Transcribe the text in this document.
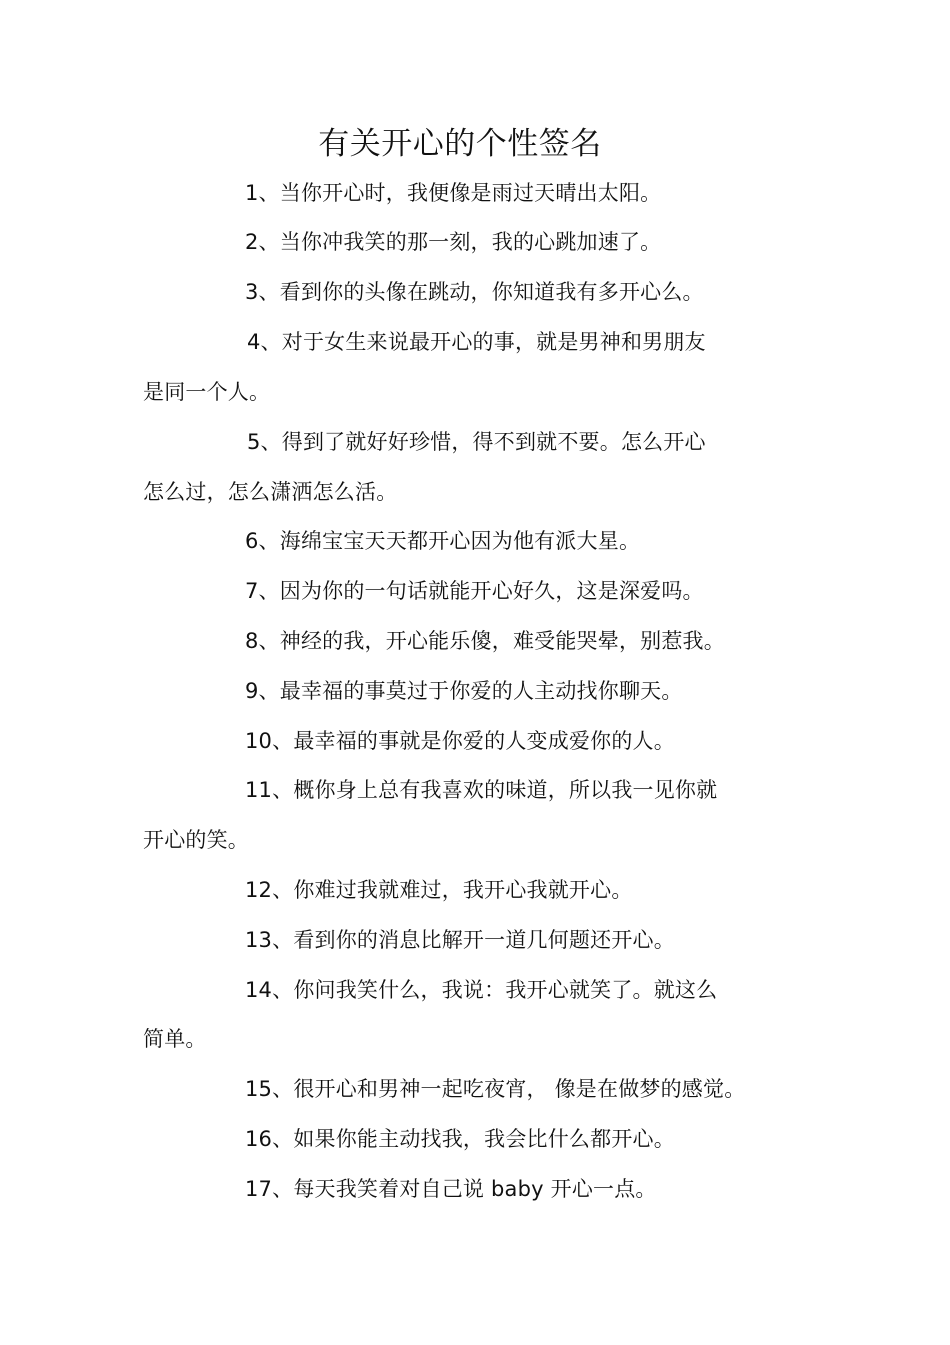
有关开心的个性签名
1、当你开心时，我便像是雨过天晴出太阳。
2、当你冲我笑的那一刻，我的心跳加速了。
3、看到你的头像在跳动，你知道我有多开心么。
4、对于女生来说最开心的事，就是男神和男朋友
是同一个人。
5、得到了就好好珍惜，得不到就不要。怎么开心
怎么过，怎么潇洒怎么活。
6、海绵宝宝天天都开心因为他有派大星。
7、因为你的一句话就能开心好久，这是深爱吗。
8、神经的我，开心能乐傻，难受能哭晕，别惹我。
9、最幸福的事莫过于你爱的人主动找你聊天。
10、最幸福的事就是你爱的人变成爱你的人。
11、概你身上总有我喜欢的味道，所以我一见你就
开心的笑。
12、你难过我就难过，我开心我就开心。
13、看到你的消息比解开一道几何题还开心。
14、你问我笑什么，我说：我开心就笑了。就这么
简单。
15、很开心和男神一起吃夜宵， 像是在做梦的感觉。
16、如果你能主动找我，我会比什么都开心。
17、每天我笑着对自己说 baby 开心一点。
